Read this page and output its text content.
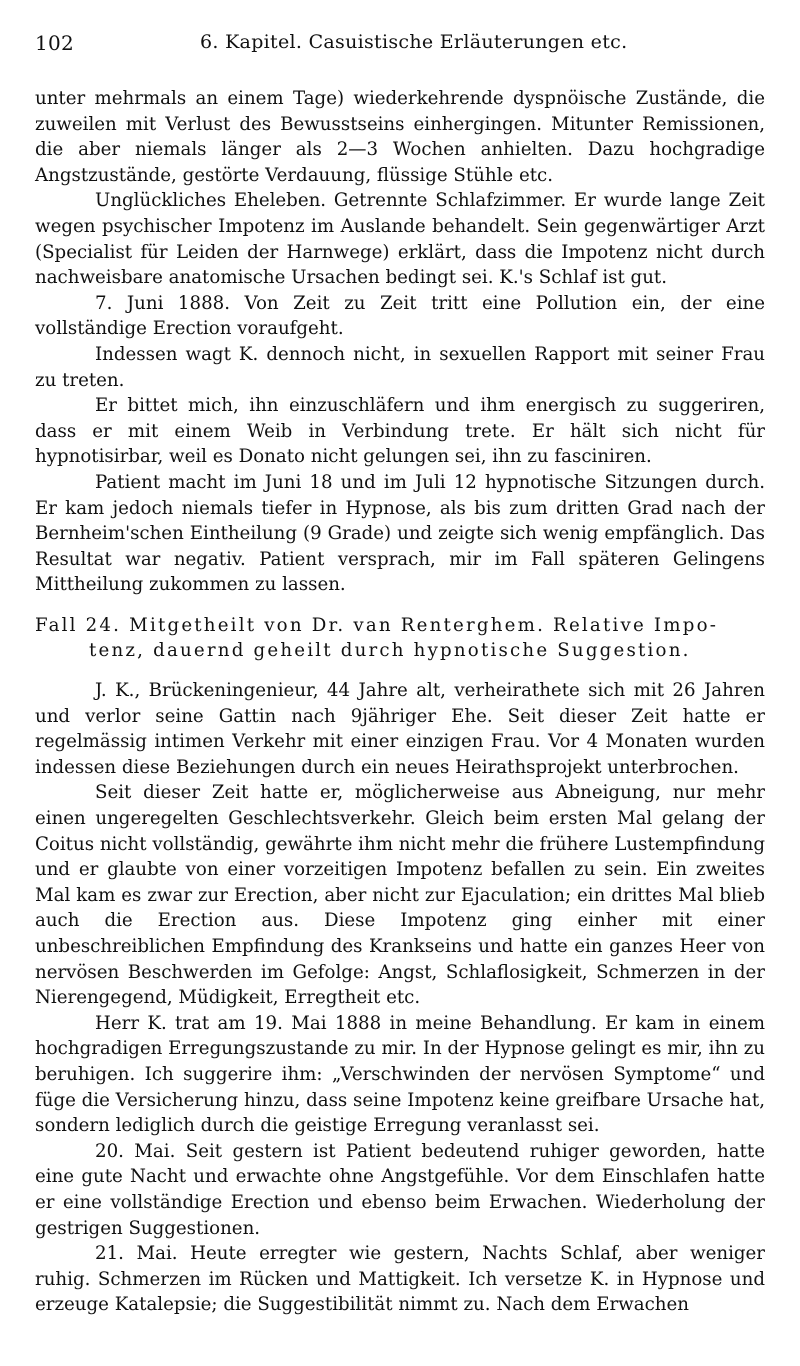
102	6. Kapitel. Casuistische Erläuterungen etc.

unter mehrmals an einem Tage) wiederkehrende dyspnöische Zustände, die zuweilen mit Verlust des Bewusstseins einhergingen. Mitunter Remissionen, die aber niemals länger als 2—3 Wochen anhielten. Dazu hochgradige Angstzustände, gestörte Verdauung, flüssige Stühle etc.

Unglückliches Eheleben. Getrennte Schlafzimmer. Er wurde lange Zeit wegen psychischer Impotenz im Auslande behandelt. Sein gegenwärtiger Arzt (Specialist für Leiden der Harnwege) erklärt, dass die Impotenz nicht durch nachweisbare anatomische Ursachen bedingt sei. K.'s Schlaf ist gut.

7. Juni 1888. Von Zeit zu Zeit tritt eine Pollution ein, der eine vollständige Erection voraufgeht.

Indessen wagt K. dennoch nicht, in sexuellen Rapport mit seiner Frau zu treten.

Er bittet mich, ihn einzuschläfern und ihm energisch zu suggeriren, dass er mit einem Weib in Verbindung trete. Er hält sich nicht für hypnotisirbar, weil es Donato nicht gelungen sei, ihn zu fasciniren.

Patient macht im Juni 18 und im Juli 12 hypnotische Sitzungen durch. Er kam jedoch niemals tiefer in Hypnose, als bis zum dritten Grad nach der Bernheim'schen Eintheilung (9 Grade) und zeigte sich wenig empfänglich. Das Resultat war negativ. Patient versprach, mir im Fall späteren Gelingens Mittheilung zukommen zu lassen.

Fall 24. Mitgetheilt von Dr. van Renterghem. Relative Impo-
tenz, dauernd geheilt durch hypnotische Suggestion.

J. K., Brückeningenieur, 44 Jahre alt, verheirathete sich mit 26 Jahren und verlor seine Gattin nach 9jähriger Ehe. Seit dieser Zeit hatte er regelmässig intimen Verkehr mit einer einzigen Frau. Vor 4 Monaten wurden indessen diese Beziehungen durch ein neues Heirathsprojekt unterbrochen.

Seit dieser Zeit hatte er, möglicherweise aus Abneigung, nur mehr einen ungeregelten Geschlechtsverkehr. Gleich beim ersten Mal gelang der Coitus nicht vollständig, gewährte ihm nicht mehr die frühere Lustempfindung und er glaubte von einer vorzeitigen Impotenz befallen zu sein. Ein zweites Mal kam es zwar zur Erection, aber nicht zur Ejaculation; ein drittes Mal blieb auch die Erection aus. Diese Impotenz ging einher mit einer unbeschreiblichen Empfindung des Krankseins und hatte ein ganzes Heer von nervösen Beschwerden im Gefolge: Angst, Schlaflosigkeit, Schmerzen in der Nierengegend, Müdigkeit, Erregtheit etc.

Herr K. trat am 19. Mai 1888 in meine Behandlung. Er kam in einem hochgradigen Erregungszustande zu mir. In der Hypnose gelingt es mir, ihn zu beruhigen. Ich suggerire ihm: „Verschwinden der nervösen Symptome“ und füge die Versicherung hinzu, dass seine Impotenz keine greifbare Ursache hat, sondern lediglich durch die geistige Erregung veranlasst sei.

20. Mai. Seit gestern ist Patient bedeutend ruhiger geworden, hatte eine gute Nacht und erwachte ohne Angstgefühle. Vor dem Einschlafen hatte er eine vollständige Erection und ebenso beim Erwachen. Wiederholung der gestrigen Suggestionen.

21. Mai. Heute erregter wie gestern, Nachts Schlaf, aber weniger ruhig. Schmerzen im Rücken und Mattigkeit. Ich versetze K. in Hypnose und erzeuge Katalepsie; die Suggestibilität nimmt zu. Nach dem Erwachen
